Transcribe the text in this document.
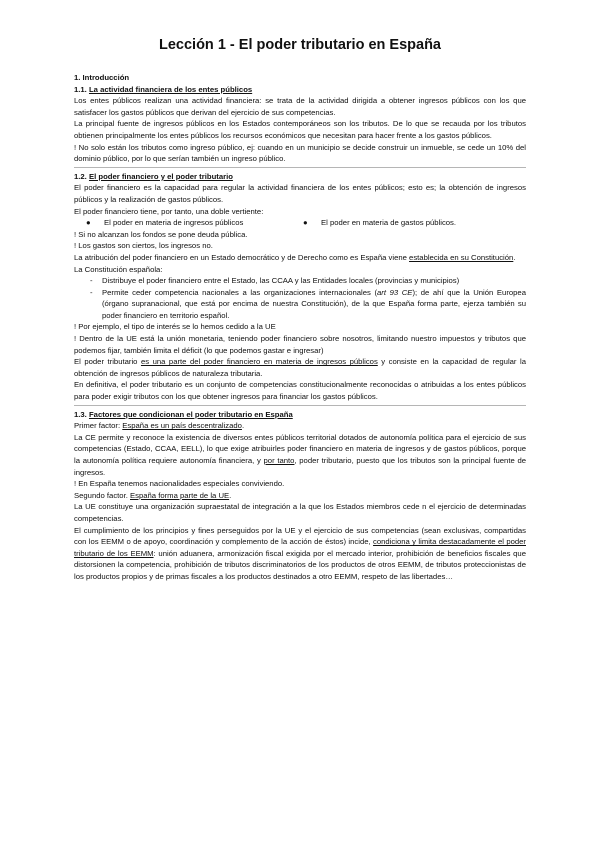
Lección 1 - El poder tributario en España

1. Introducción

1.1. La actividad financiera de los entes públicos

Los entes públicos realizan una actividad financiera: se trata de la actividad dirigida a obtener ingresos públicos con los que satisfacer los gastos públicos que derivan del ejercicio de sus competencias.

La principal fuente de ingresos públicos en los Estados contemporáneos son los tributos. De lo que se recauda por los tributos obtienen principalmente los entes públicos los recursos económicos que necesitan para hacer frente a los gastos públicos.

! No solo están los tributos como ingreso público, ej: cuando en un municipio se decide construir un inmueble, se cede un 10% del dominio público, por lo que serían también un ingreso público.

1.2. El poder financiero y el poder tributario

El poder financiero es la capacidad para regular la actividad financiera de los entes públicos; esto es; la obtención de ingresos públicos y la realización de gastos públicos.

El poder financiero tiene, por tanto, una doble vertiente:

●	El poder en materia de ingresos públicos	●	El poder en materia de gastos públicos.

! Si no alcanzan los fondos se pone deuda pública.

! Los gastos son ciertos, los ingresos no.

La atribución del poder financiero en un Estado democrático y de Derecho como es España viene establecida en su Constitución.

La Constitución española:

-	Distribuye el poder financiero entre el Estado, las CCAA y las Entidades locales (provincias y municipios)
-	Permite ceder competencia nacionales a las organizaciones internacionales (art 93 CE); de ahí que la Unión Europea (órgano supranacional, que está por encima de nuestra Constitución), de la que España forma parte, ejerza también su poder financiero en territorio español.

! Por ejemplo, el tipo de interés se lo hemos cedido a la UE

! Dentro de la UE está la unión monetaria, teniendo poder financiero sobre nosotros, limitando nuestro impuestos y tributos que podemos fijar, también limita el déficit (lo que podemos gastar e ingresar)

El poder tributario es una parte del poder financiero en materia de ingresos públicos y consiste en la capacidad de regular la obtención de ingresos públicos de naturaleza tributaria.

En definitiva, el poder tributario es un conjunto de competencias constitucionalmente reconocidas o atribuidas a los entes públicos para poder exigir tributos con los que obtener ingresos para financiar los gastos públicos.

1.3. Factores que condicionan el poder tributario en España

Primer factor: España es un país descentralizado.

La CE permite y reconoce la existencia de diversos entes públicos territorial dotados de autonomía política para el ejercicio de sus competencias (Estado, CCAA, EELL), lo que exige atribuirles poder financiero en materia de ingresos y de gastos públicos, porque la autonomía política requiere autonomía financiera, y por tanto, poder tributario, puesto que los tributos son la principal fuente de ingresos.

! En España tenemos nacionalidades especiales conviviendo.

Segundo factor. España forma parte de la UE.

La UE constituye una organización supraestatal de integración a la que los Estados miembros cede n el ejercicio de determinadas competencias.

El cumplimiento de los principios y fines perseguidos por la UE y el ejercicio de sus competencias (sean exclusivas, compartidas con los EEMM o de apoyo, coordinación y complemento de la acción de éstos) incide, condiciona y limita destacadamente el poder tributario de los EEMM: unión aduanera, armonización fiscal exigida por el mercado interior, prohibición de beneficios fiscales que distorsionen la competencia, prohibición de tributos discriminatorios de los productos de otros EEMM, de tributos proteccionistas de los productos propios y de primas fiscales a los productos destinados a otro EEMM, respeto de las libertades…
